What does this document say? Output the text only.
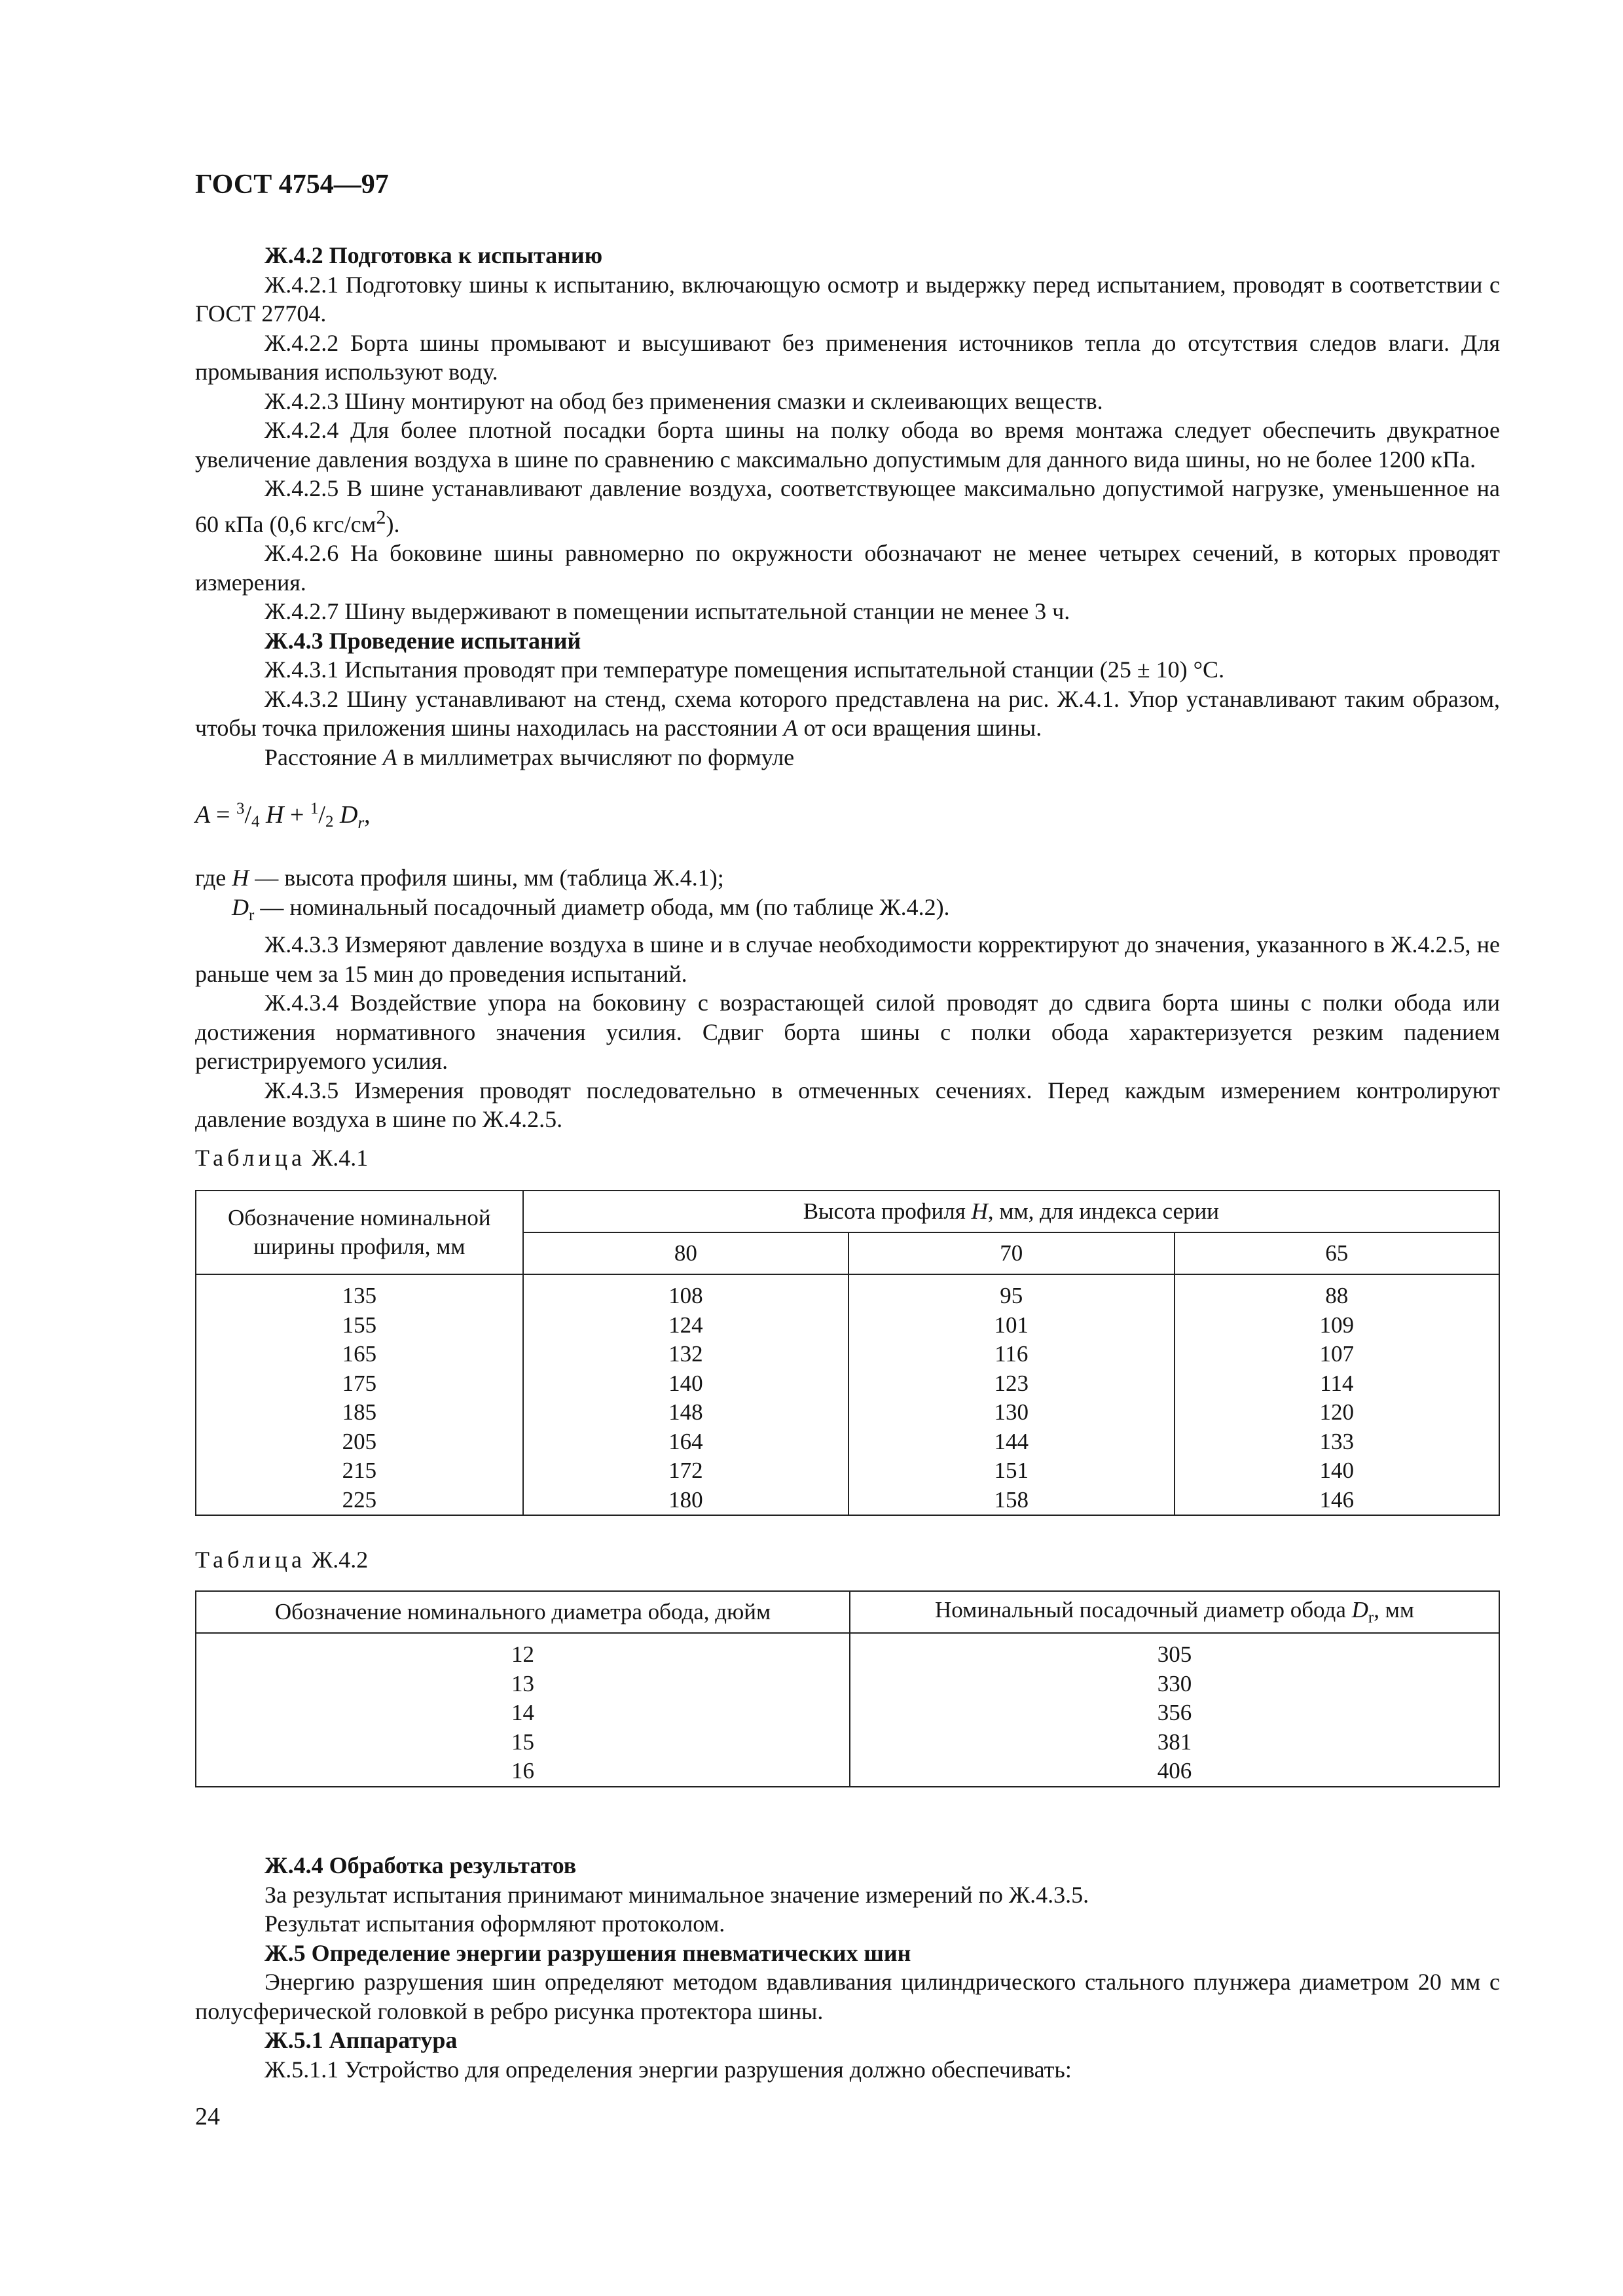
ГОСТ 4754—97

Ж.4.2 Подготовка к испытанию

Ж.4.2.1 Подготовку шины к испытанию, включающую осмотр и выдержку перед испытанием, проводят в соответствии с ГОСТ 27704.

Ж.4.2.2 Борта шины промывают и высушивают без применения источников тепла до отсутствия следов влаги. Для промывания используют воду.

Ж.4.2.3 Шину монтируют на обод без применения смазки и склеивающих веществ.

Ж.4.2.4 Для более плотной посадки борта шины на полку обода во время монтажа следует обеспечить двукратное увеличение давления воздуха в шине по сравнению с максимально допустимым для данного вида шины, но не более 1200 кПа.

Ж.4.2.5 В шине устанавливают давление воздуха, соответствующее максимально допустимой нагрузке, уменьшенное на 60 кПа (0,6 кгс/$см^2$).

Ж.4.2.6 На боковине шины равномерно по окружности обозначают не менее четырех сечений, в которых проводят измерения.

Ж.4.2.7 Шину выдерживают в помещении испытательной станции не менее 3 ч.

Ж.4.3 Проведение испытаний

Ж.4.3.1 Испытания проводят при температуре помещения испытательной станции (25 ± 10) °С.

Ж.4.3.2 Шину устанавливают на стенд, схема которого представлена на рис. Ж.4.1. Упор устанавливают таким образом, чтобы точка приложения шины находилась на расстоянии A от оси вращения шины.

Расстояние A в миллиметрах вычисляют по формуле

A = $^3$/4 H + $^1$/2 $D_r$,

где H — высота профиля шины, мм (таблица Ж.4.1);

$D_r$ — номинальный посадочный диаметр обода, мм (по таблице Ж.4.2).

Ж.4.3.3 Измеряют давление воздуха в шине и в случае необходимости корректируют до значения, указанного в Ж.4.2.5, не раньше чем за 15 мин до проведения испытаний.

Ж.4.3.4 Воздействие упора на боковину с возрастающей силой проводят до сдвига борта шины с полки обода или достижения нормативного значения усилия. Сдвиг борта шины с полки обода характеризуется резким падением регистрируемого усилия.

Ж.4.3.5 Измерения проводят последовательно в отмеченных сечениях. Перед каждым измерением контролируют давление воздуха в шине по Ж.4.2.5.

Таблица Ж.4.1
Обозначение номинальной ширины профиля, мм	Высота профиля H, мм, для индекса серии		
	80	70	65
135	108	95	88
155	124	101	109
165	132	116	107
175	140	123	114
185	148	130	120
205	164	144	133
215	172	151	140
225	180	158	146
Таблица Ж.4.2
Обозначение номинального диаметра обода, дюйм	Номинальный посадочный диаметр обода $D_r$, мм
12	305
13	330
14	356
15	381
16	406

Ж.4.4 Обработка результатов

За результат испытания принимают минимальное значение измерений по Ж.4.3.5.

Результат испытания оформляют протоколом.

Ж.5 Определение энергии разрушения пневматических шин

Энергию разрушения шин определяют методом вдавливания цилиндрического стального плунжера диаметром 20 мм с полусферической головкой в ребро рисунка протектора шины.

Ж.5.1 Аппаратура

Ж.5.1.1 Устройство для определения энергии разрушения должно обеспечивать:

24
